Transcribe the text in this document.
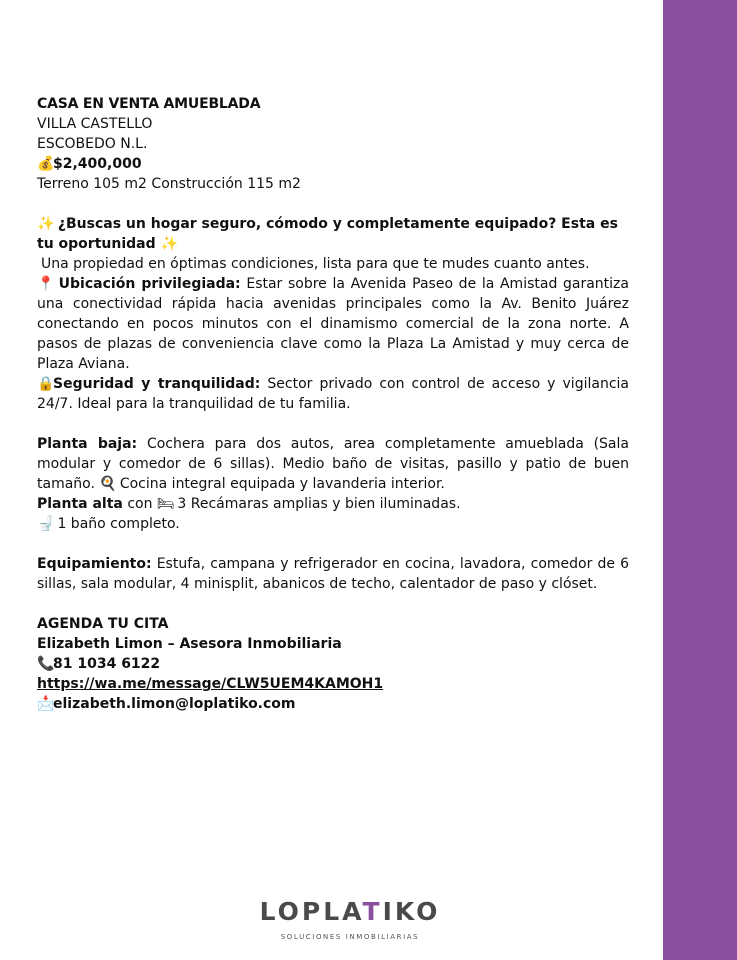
CASA EN VENTA AMUEBLADA

VILLA CASTELLO

ESCOBEDO N.L.

💰$2,400,000

Terreno 105 m2 Construcción 115 m2

✨ ¿Buscas un hogar seguro, cómodo y completamente equipado? Esta es tu oportunidad ✨

Una propiedad en óptimas condiciones, lista para que te mudes cuanto antes.

📍 Ubicación privilegiada: Estar sobre la Avenida Paseo de la Amistad garantiza una conectividad rápida hacia avenidas principales como la Av. Benito Juárez conectando en pocos minutos con el dinamismo comercial de la zona norte. A pasos de plazas de conveniencia clave como la Plaza La Amistad y muy cerca de Plaza Aviana.

🔒Seguridad y tranquilidad: Sector privado con control de acceso y vigilancia 24/7. Ideal para la tranquilidad de tu familia.

Planta baja: Cochera para dos autos, area completamente amueblada (Sala modular y comedor de 6 sillas). Medio baño de visitas, pasillo y patio de buen tamaño. 🍳 Cocina integral equipada y lavanderia interior.

Planta alta con 🛏 3 Recámaras amplias y bien iluminadas.

🚽 1 baño completo.

Equipamiento: Estufa, campana y refrigerador en cocina, lavadora, comedor de 6 sillas, sala modular, 4 minisplit, abanicos de techo, calentador de paso y clóset.

AGENDA TU CITA

Elizabeth Limon – Asesora Inmobiliaria

📞81 1034 6122

https://wa.me/message/CLW5UEM4KAMOH1

📩elizabeth.limon@loplatiko.com

LOPLATIKO
SOLUCIONES INMOBILIARIAS
